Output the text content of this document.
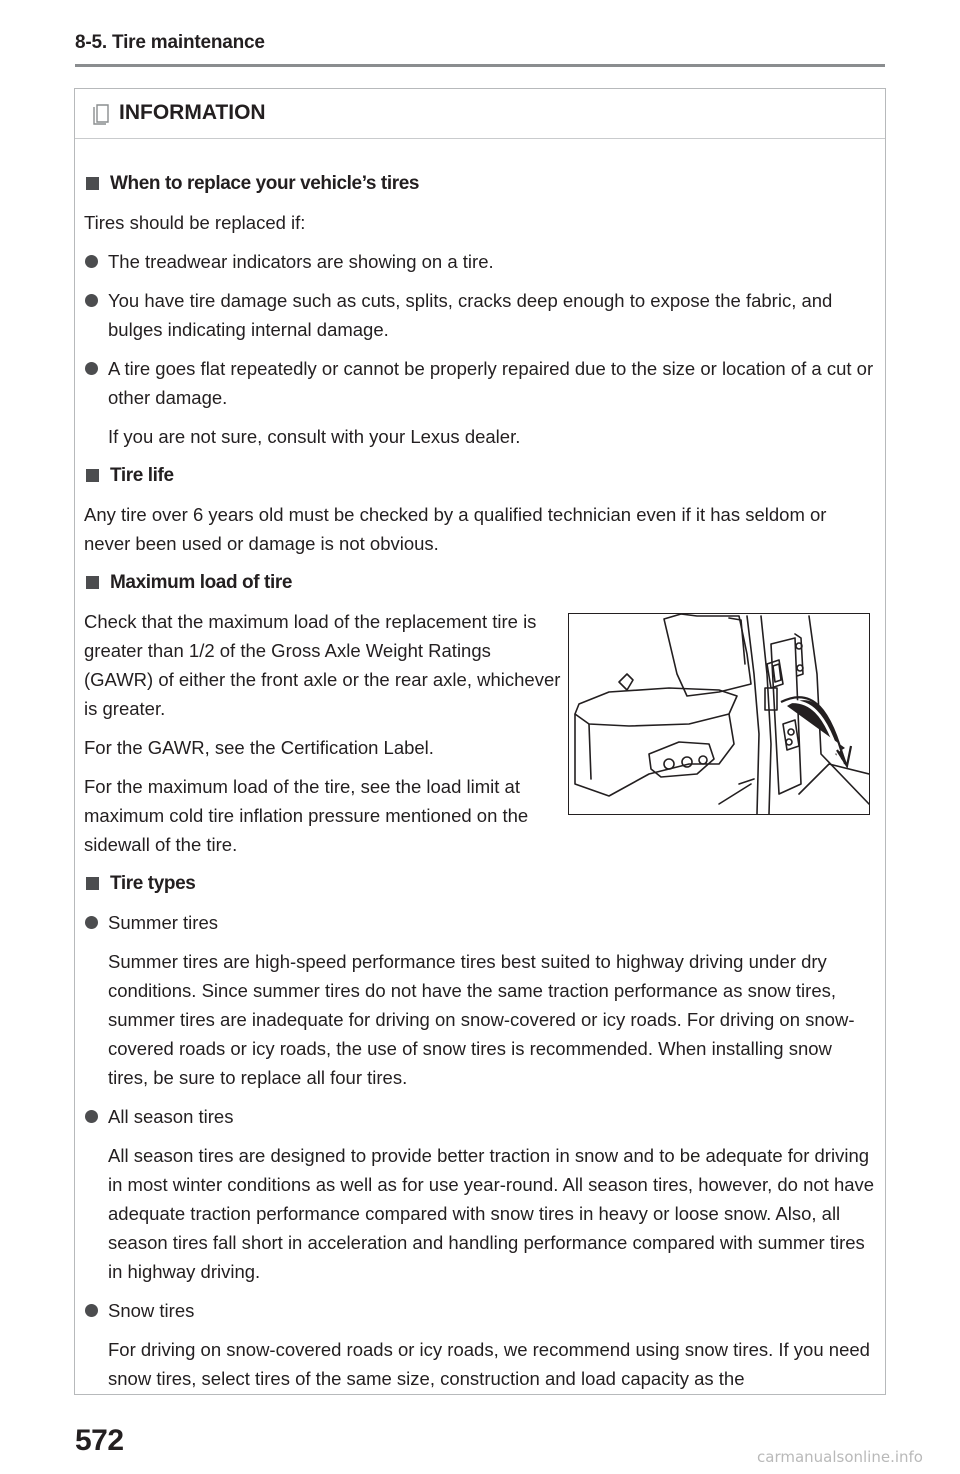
8-5. Tire maintenance
INFORMATION
When to replace your vehicle’s tires
Tires should be replaced if:
The treadwear indicators are showing on a tire.
You have tire damage such as cuts, splits, cracks deep enough to expose the fabric, and bulges indicating internal damage.
A tire goes flat repeatedly or cannot be properly repaired due to the size or location of a cut or other damage.
If you are not sure, consult with your Lexus dealer.
Tire life
Any tire over 6 years old must be checked by a qualified technician even if it has seldom or never been used or damage is not obvious.
Maximum load of tire
Check that the maximum load of the replacement tire is greater than 1/2 of the Gross Axle Weight Ratings (GAWR) of either the front axle or the rear axle, whichever is greater.
For the GAWR, see the Certification Label.
For the maximum load of the tire, see the load limit at maximum cold tire inflation pressure mentioned on the sidewall of the tire.
Tire types
Summer tires
Summer tires are high-speed performance tires best suited to highway driving under dry conditions. Since summer tires do not have the same traction performance as snow tires, summer tires are inadequate for driving on snow-covered or icy roads. For driving on snow-covered roads or icy roads, the use of snow tires is recommended. When installing snow tires, be sure to replace all four tires.
All season tires
All season tires are designed to provide better traction in snow and to be adequate for driving in most winter conditions as well as for use year-round. All season tires, however, do not have adequate traction performance compared with snow tires in heavy or loose snow. Also, all season tires fall short in acceleration and handling performance compared with summer tires in highway driving.
Snow tires
For driving on snow-covered roads or icy roads, we recommend using snow tires. If you need snow tires, select tires of the same size, construction and load capacity as the
572	carmanualsonline.info
